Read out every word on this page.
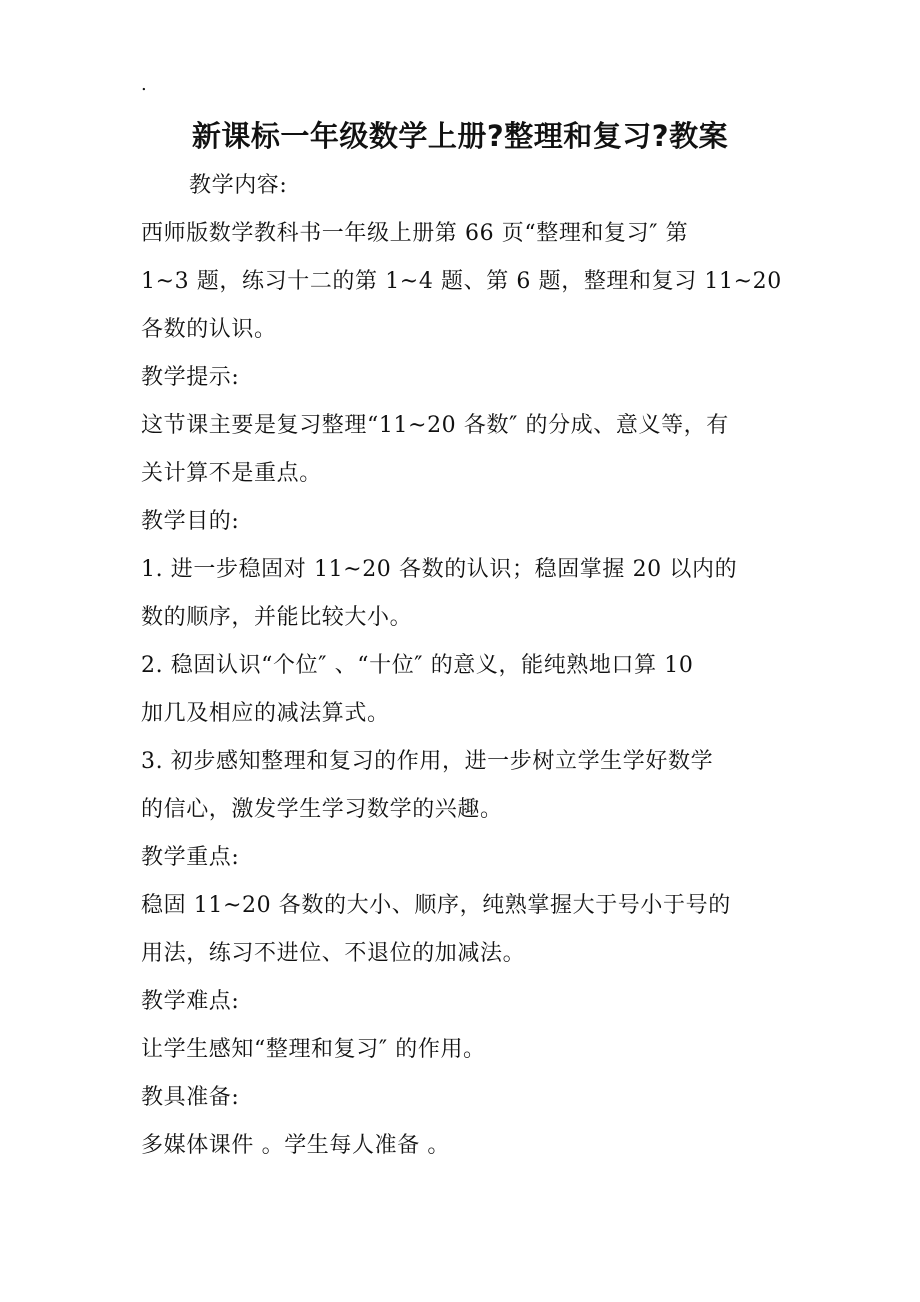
.
新课标一年级数学上册?整理和复习?教案
教学内容:
西师版数学教科书一年级上册第 66 页“整理和复习″ 第
1~3 题，练习十二的第 1~4 题、第 6 题，整理和复习 11~20
各数的认识。
教学提示:
这节课主要是复习整理“11~20 各数″ 的分成、意义等，有
关计算不是重点。
教学目的:
1. 进一步稳固对 11~20 各数的认识；稳固掌握 20 以内的
数的顺序，并能比较大小。
2. 稳固认识“个位″ 、“十位″ 的意义，能纯熟地口算 10
加几及相应的减法算式。
3. 初步感知整理和复习的作用，进一步树立学生学好数学
的信心，激发学生学习数学的兴趣。
教学重点:
稳固 11~20 各数的大小、顺序，纯熟掌握大于号小于号的
用法，练习不进位、不退位的加减法。
教学难点:
让学生感知“整理和复习″ 的作用。
教具准备:
多媒体课件 。学生每人准备 。
